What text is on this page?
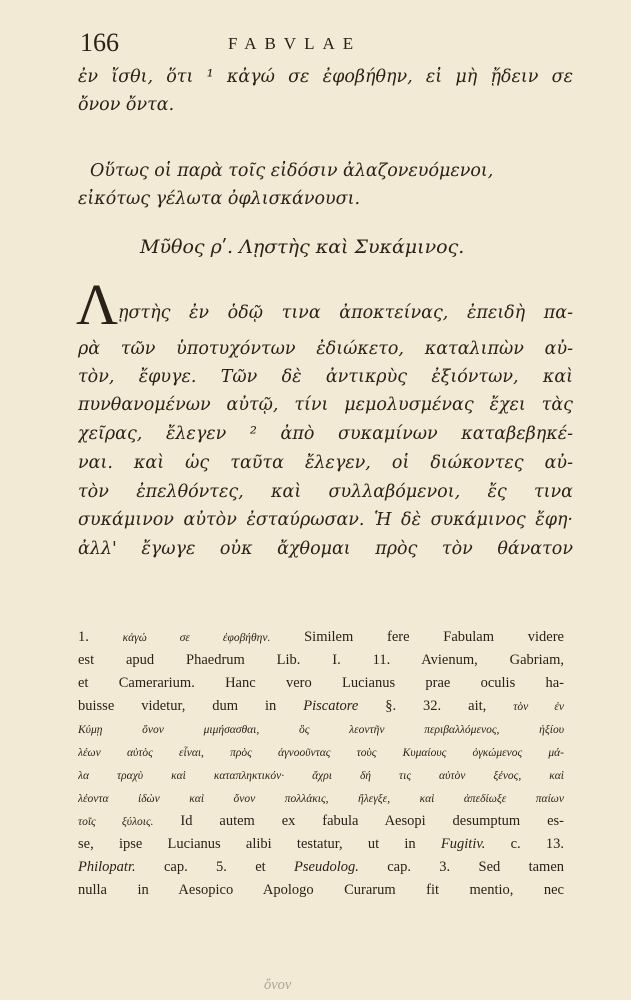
166	FABVLAE
ἐν ἴσθι, ὅτι ¹ κἀγώ σε ἐφοβήθην, εἰ μὴ ᾔδειν σε
ὄνον ὄντα.
Οὕτως οἱ παρὰ τοῖς εἰδόσιν ἀλαζονευόμενοι,
εἰκότως γέλωτα ὀφλισκάνουσι.
Μῦθος ρʹ. Λῃστὴς καὶ Συκάμινος.
Λ ῃστὴς ἐν ὁδῷ τινα ἀποκτείνας, ἐπειδὴ πα-
ρὰ τῶν ὑποτυχόντων ἐδιώκετο, καταλιπὼν αὐ-
τὸν, ἔφυγε. Τῶν δὲ ἀντικρὺς ἐξιόντων, καὶ
πυνθανομένων αὐτῷ, τίνι μεμολυσμένας ἔχει τὰς
χεῖρας, ἔλεγεν ² ἀπὸ συκαμίνων καταβεβηκέ-
ναι. καὶ ὡς ταῦτα ἔλεγεν, οἱ διώκοντες αὐ-
τὸν ἐπελθόντες, καὶ συλλαβόμενοι, ἔς τινα
συκάμινον αὐτὸν ἐσταύρωσαν. Ἡ δὲ συκάμινος ἔφη·
ἀλλ' ἔγωγε οὐκ ἄχθομαι πρὸς τὸν θάνατον
1.	κἀγώ σε ἐφοβήθην. Similem fere Fabulam videre
est apud Phaedrum Lib. I. 11. Avienum, Gabriam,
et Camerarium. Hanc vero Lucianus prae oculis ha-
buisse videtur, dum in Piscatore §. 32. ait, τὸν ἐν
Κύμῃ ὄνον μιμήσασθαι, ὃς λεοντῆν περιβαλλόμενος, ἠξίου
λέων αὐτὸς εἶναι, πρὸς ἀγνοοῦντας τοὺς Κυμαίους ὀγκώμενος μά-
λα τραχὺ καὶ καταπληκτικόν· ἄχρι δή τις αὐτὸν ξένος, καὶ
λέοντα ἰδὼν καὶ ὄνον πολλάκις, ἤλεγξε, καὶ ἀπεδίωξε παίων
τοῖς ξύλοις. Id autem ex fabula Aesopi desumptum es-
se, ipse Lucianus alibi testatur, ut in Fugitiv. c. 13.
Philopatr. cap. 5. et Pseudolog. cap. 3. Sed tamen
nulla in Aesopico Apologo Curarum fit mentio, nec
ὄνον
